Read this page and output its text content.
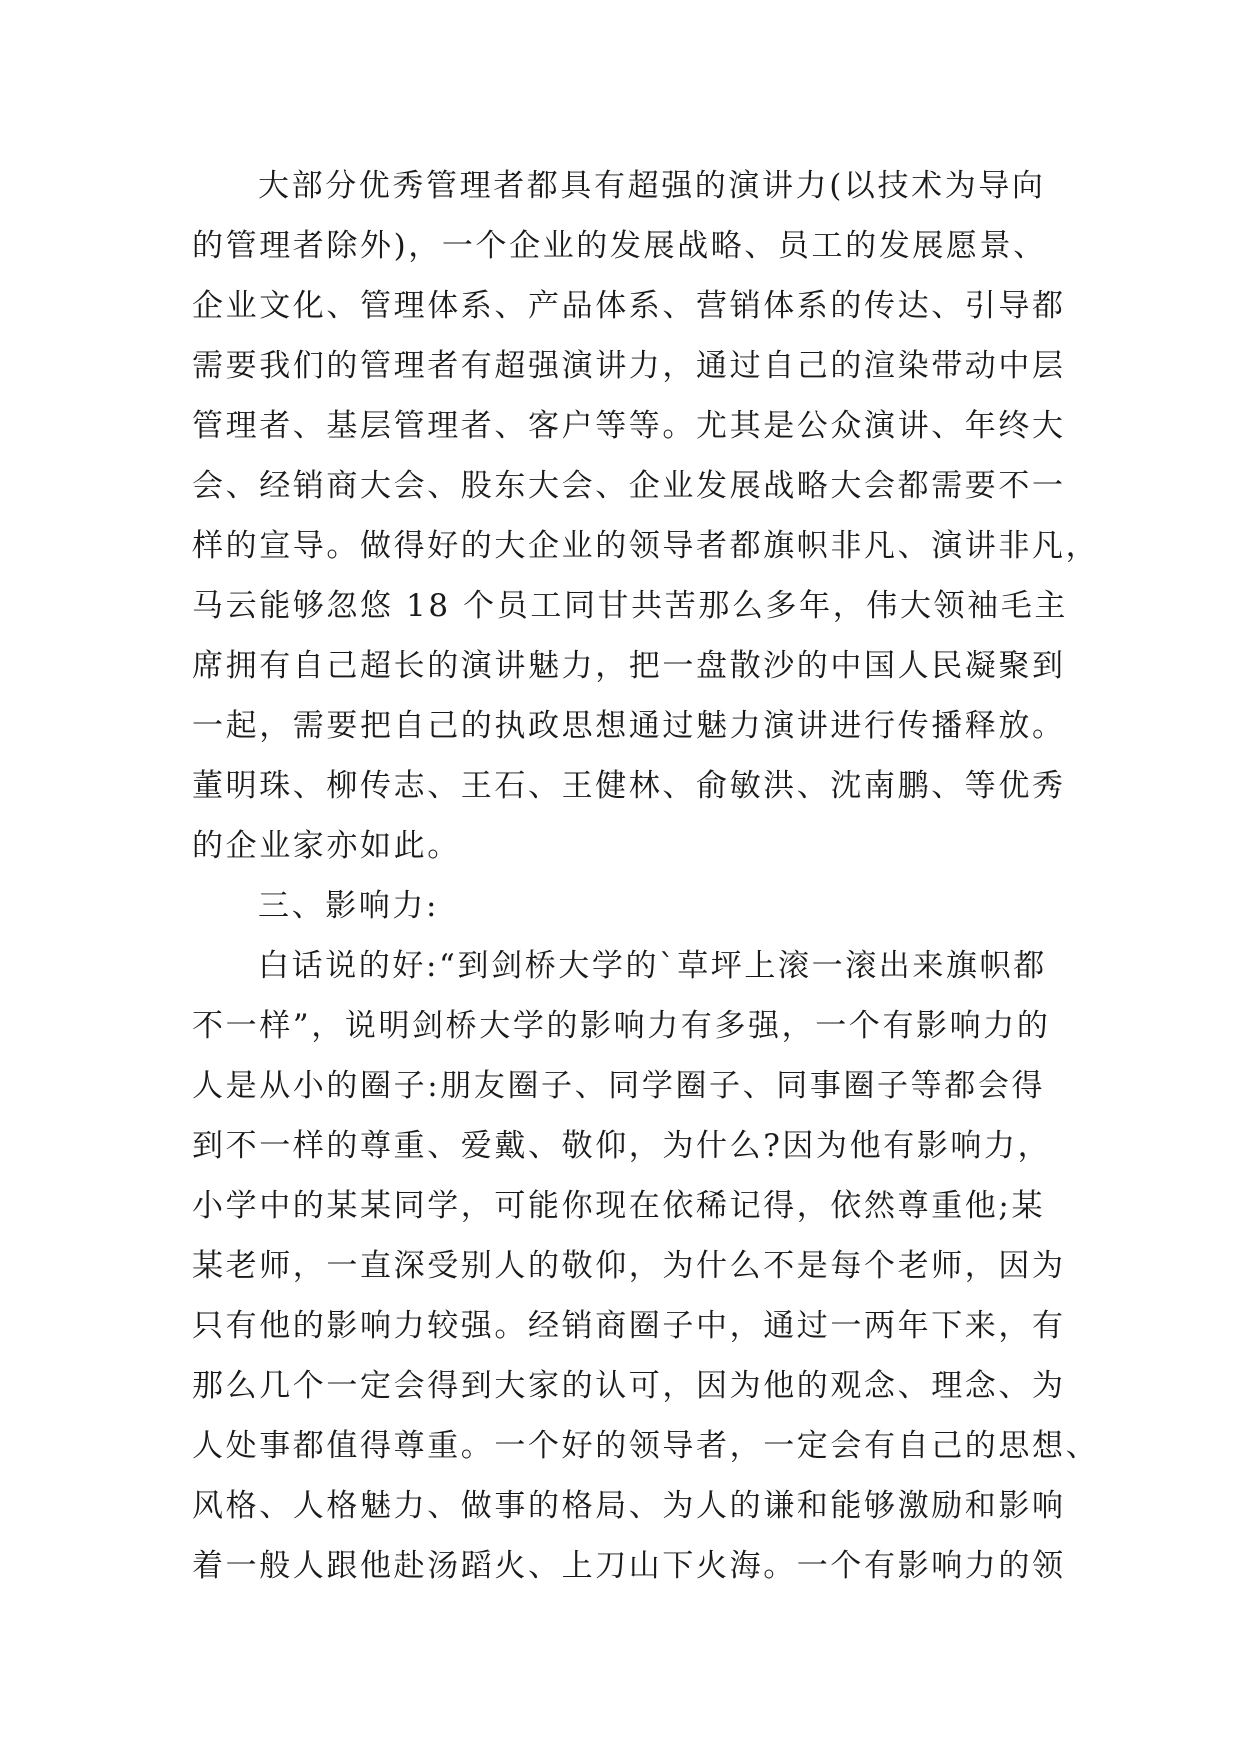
大部分优秀管理者都具有超强的演讲力(以技术为导向
的管理者除外)，一个企业的发展战略、员工的发展愿景、
企业文化、管理体系、产品体系、营销体系的传达、引导都
需要我们的管理者有超强演讲力，通过自己的渲染带动中层
管理者、基层管理者、客户等等。尤其是公众演讲、年终大
会、经销商大会、股东大会、企业发展战略大会都需要不一
样的宣导。做得好的大企业的领导者都旗帜非凡、演讲非凡，
马云能够忽悠 18 个员工同甘共苦那么多年，伟大领袖毛主
席拥有自己超长的演讲魅力，把一盘散沙的中国人民凝聚到
一起，需要把自己的执政思想通过魅力演讲进行传播释放。
董明珠、柳传志、王石、王健林、俞敏洪、沈南鹏、等优秀
的企业家亦如此。
三、影响力:
白话说的好:“到剑桥大学的`草坪上滚一滚出来旗帜都
不一样”，说明剑桥大学的影响力有多强，一个有影响力的
人是从小的圈子:朋友圈子、同学圈子、同事圈子等都会得
到不一样的尊重、爱戴、敬仰，为什么?因为他有影响力，
小学中的某某同学，可能你现在依稀记得，依然尊重他;某
某老师，一直深受别人的敬仰，为什么不是每个老师，因为
只有他的影响力较强。经销商圈子中，通过一两年下来，有
那么几个一定会得到大家的认可，因为他的观念、理念、为
人处事都值得尊重。一个好的领导者，一定会有自己的思想、
风格、人格魅力、做事的格局、为人的谦和能够激励和影响
着一般人跟他赴汤蹈火、上刀山下火海。一个有影响力的领
